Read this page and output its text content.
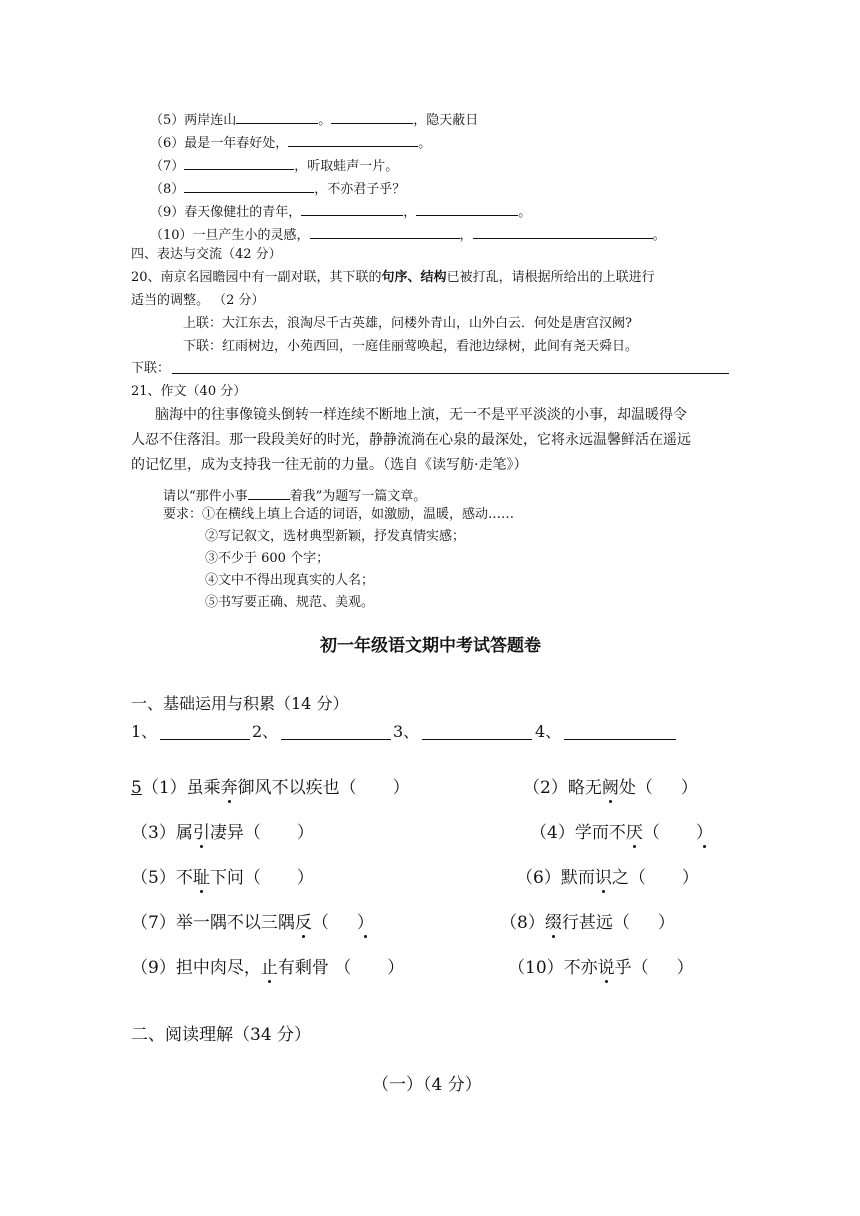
（5）两岸连山	。	，隐天蔽日
（6）最是一年春好处，	。
（7）	，听取蛙声一片。
（8）	，不亦君子乎？
（9）春天像健壮的青年，	，	。
（10）一旦产生小的灵感，	，	。
四、表达与交流（42 分）
20、南京名园瞻园中有一副对联，其下联的句序、结构已被打乱，请根据所给出的上联进行
适当的调整。 （2 分）
上联：大江东去，浪淘尽千古英雄，问楼外青山，山外白云．何处是唐宫汉阙?
下联：红雨树边，小苑西回，一庭佳丽莺唤起，看池边绿树，此间有尧天舜日。
下联：
21、作文（40 分）
脑海中的往事像镜头倒转一样连续不断地上演，无一不是平平淡淡的小事，却温暖得令
人忍不住落泪。那一段段美好的时光，静静流淌在心泉的最深处，它将永远温馨鲜活在遥远
的记忆里，成为支持我一往无前的力量。（选自《读写舫·走笔》）
请以“那件小事	着我”为题写一篇文章。
要求：①在横线上填上合适的词语，如激励，温暖，感动……
②写记叙文，选材典型新颖，抒发真情实感；
③不少于 600 个字；
④文中不得出现真实的人名；
⑤书写要正确、规范、美观。
初一年级语文期中考试答题卷
一、基础运用与积累（14 分）
1、	2、	3、	4、
5（1）虽乘奔御风不以疾也（ ）	（2）略无阙处（ ）
（3）属引凄异（ ）	（4）学而不厌（ ）
（5）不耻下问（ ）	（6）默而识之（ ）
（7）举一隅不以三隅反（ ）	（8）缀行甚远（ ）
（9）担中肉尽，止有剩骨 （ ）	（10）不亦说乎（ ）
二、阅读理解（34 分）
（一）（4 分）
